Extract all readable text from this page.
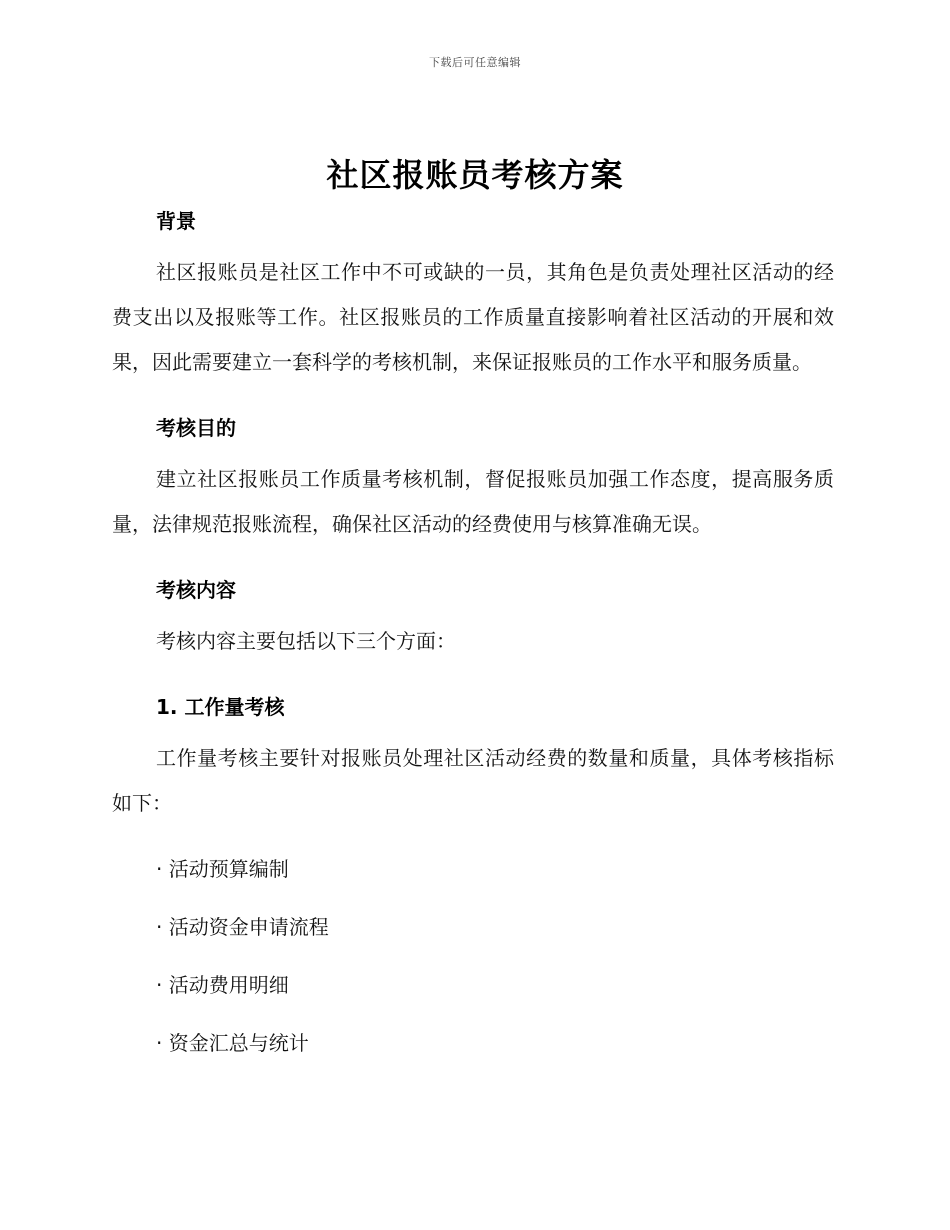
下载后可任意编辑
社区报账员考核方案
背景

社区报账员是社区工作中不可或缺的一员，其角色是负责处理社区活动的经费支出以及报账等工作。社区报账员的工作质量直接影响着社区活动的开展和效果，因此需要建立一套科学的考核机制，来保证报账员的工作水平和服务质量。

考核目的

建立社区报账员工作质量考核机制，督促报账员加强工作态度，提高服务质量，法律规范报账流程，确保社区活动的经费使用与核算准确无误。

考核内容

考核内容主要包括以下三个方面：

1. 工作量考核

工作量考核主要针对报账员处理社区活动经费的数量和质量，具体考核指标如下：

· 活动预算编制

· 活动资金申请流程

· 活动费用明细

· 资金汇总与统计
